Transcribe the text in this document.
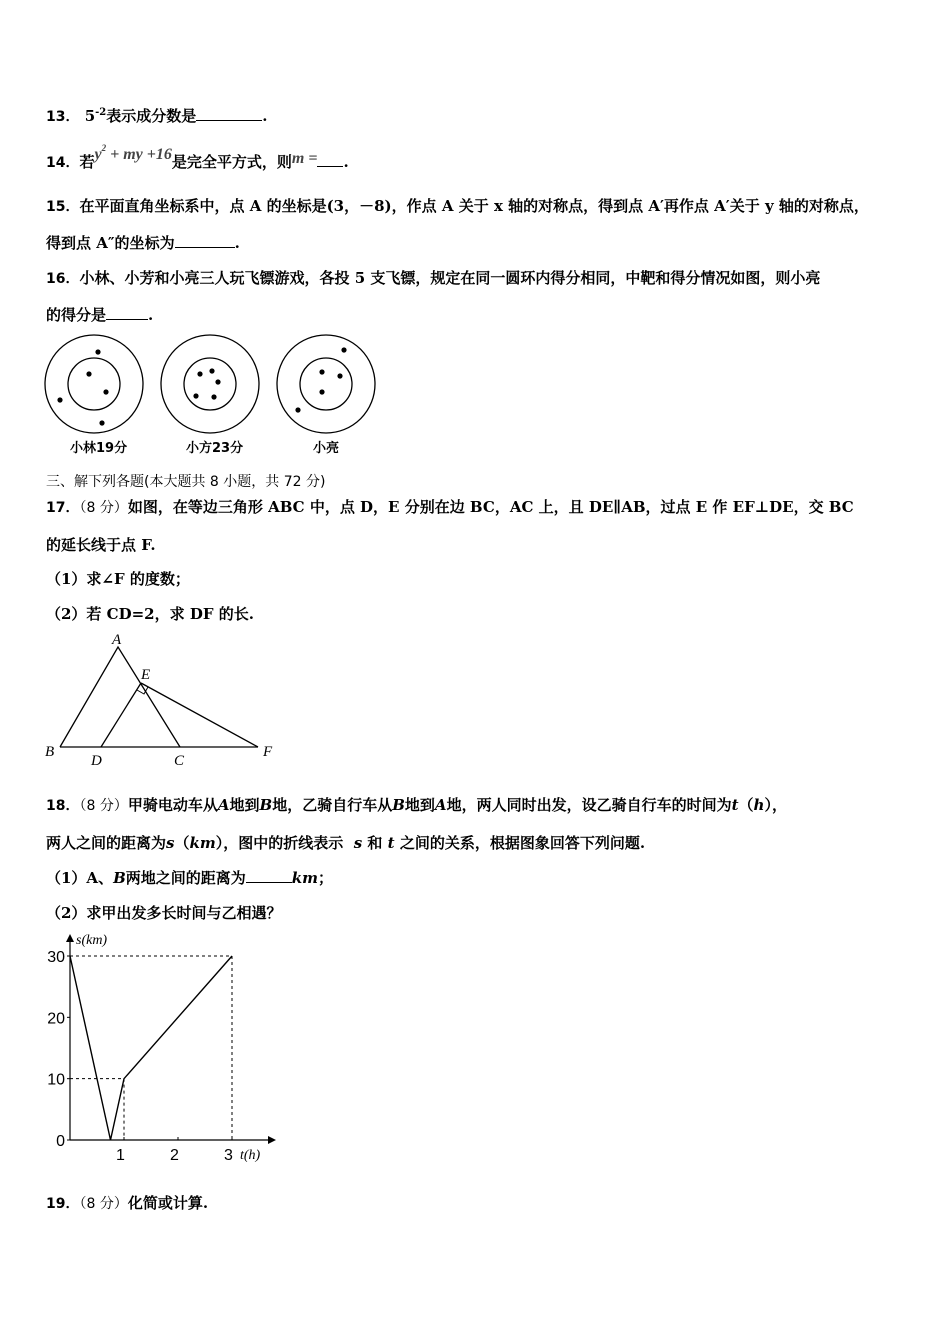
13． $5^{-2}$表示成分数是	.
14．若$y^2$ + my +16是完全平方式，则m = .
15．在平面直角坐标系中，点 A 的坐标是(3，－8)，作点 A 关于 x 轴的对称点，得到点 A′再作点 A′关于 y 轴的对称点，
得到点 A″的坐标为	.
16．小林、小芳和小亮三人玩飞镖游戏，各投 5 支飞镖，规定在同一圆环内得分相同，中靶和得分情况如图，则小亮
的得分是	.
小林19分	小方23分	小亮
三、解下列各题(本大题共 8 小题，共 72 分)
17．（8 分）如图，在等边三角形 ABC 中，点 D，E 分别在边 BC，AC 上，且 DE∥AB，过点 E 作 EF⊥DE，交 BC
的延长线于点 F.
（1）求∠F 的度数；
（2）若 CD=2，求 DF 的长.
A
B
C
D
E
F
18．（8 分）甲骑电动车从A地到B地，乙骑自行车从B地到A地，两人同时出发，设乙骑自行车的时间为t（h），
两人之间的距离为s（km），图中的折线表示 s 和 t 之间的关系，根据图象回答下列问题.
（1）A、B两地之间的距离为	km；
（2）求甲出发多长时间与乙相遇？
s(km)
t(h)
0
10
20
30
1	2	3
19．（8 分）化简或计算.
